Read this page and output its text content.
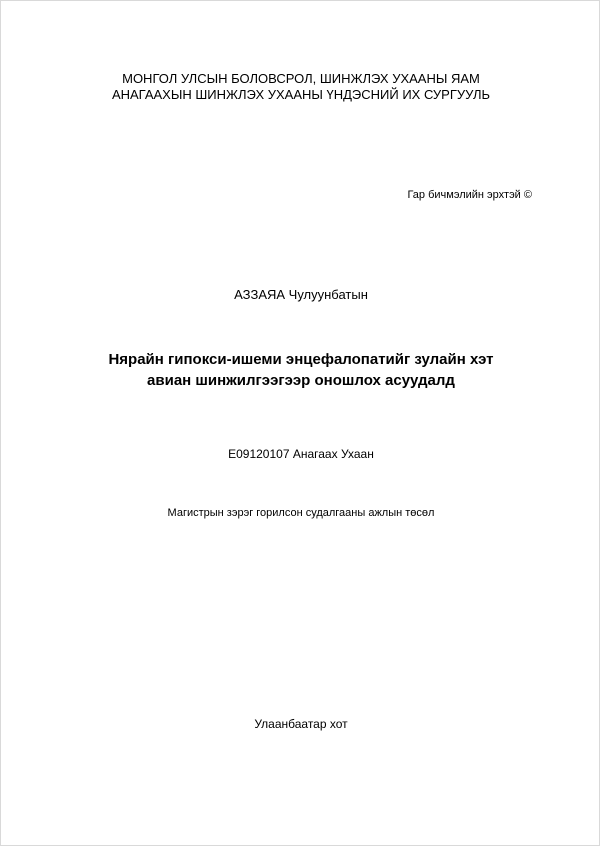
МОНГОЛ УЛСЫН БОЛОВСРОЛ, ШИНЖЛЭХ УХААНЫ ЯАМ
АНАГААХЫН ШИНЖЛЭХ УХААНЫ ҮНДЭСНИЙ ИХ СУРГУУЛЬ
Гар бичмэлийн эрхтэй ©
АЗЗАЯА Чулуунбатын
Нярайн гипокси-ишеми энцефалопатийг зулайн хэт
авиан шинжилгээгээр оношлох асуудалд
E09120107 Анагаах Ухаан
Магистрын зэрэг горилсон судалгааны ажлын төсөл
Улаанбаатар хот
